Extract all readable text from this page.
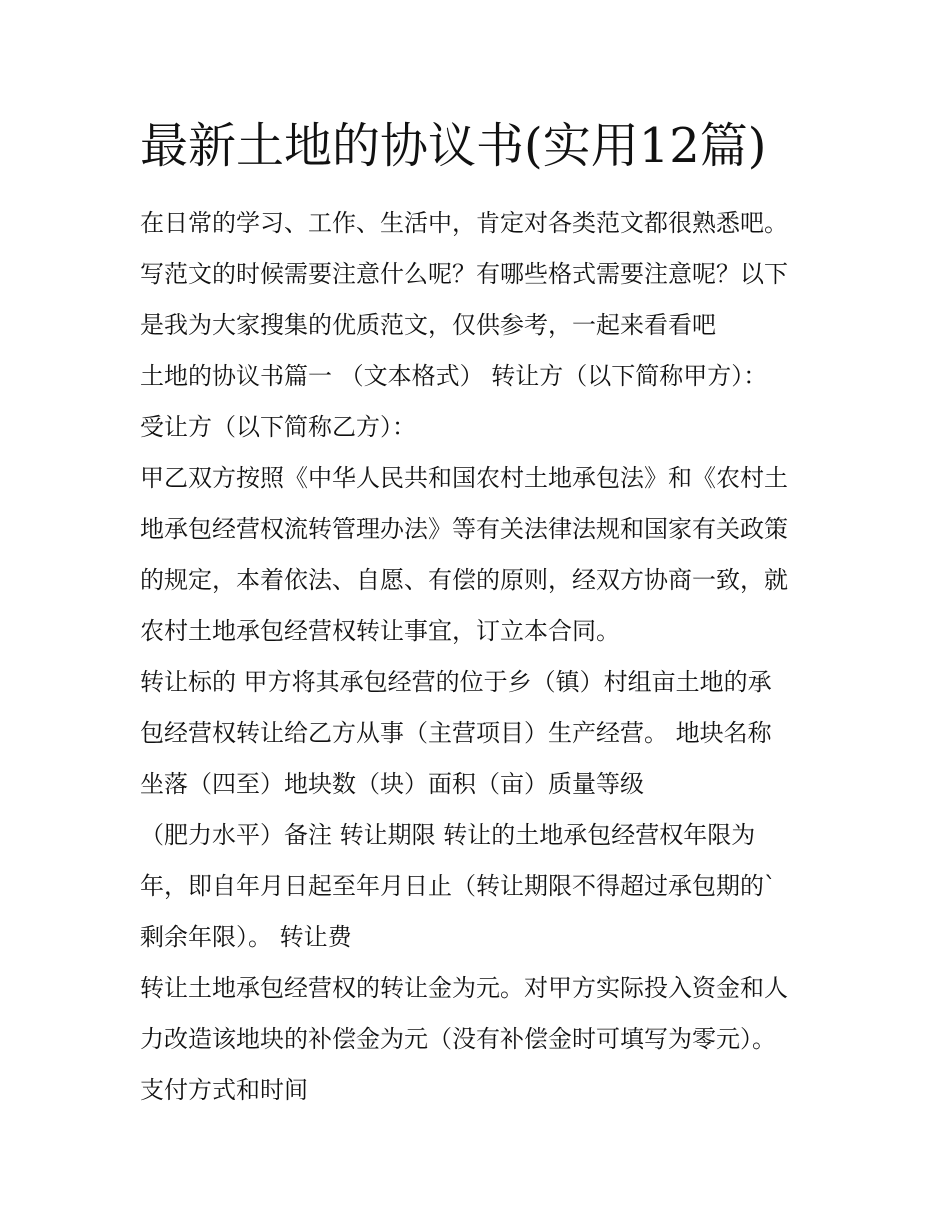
最新土地的协议书(实用12篇)
在日常的学习、工作、生活中，肯定对各类范文都很熟悉吧。
写范文的时候需要注意什么呢？有哪些格式需要注意呢？以下
是我为大家搜集的优质范文，仅供参考，一起来看看吧
土地的协议书篇一 （文本格式） 转让方（以下简称甲方）：
受让方（以下简称乙方）：
甲乙双方按照《中华人民共和国农村土地承包法》和《农村土
地承包经营权流转管理办法》等有关法律法规和国家有关政策
的规定，本着依法、自愿、有偿的原则，经双方协商一致，就
农村土地承包经营权转让事宜，订立本合同。
转让标的 甲方将其承包经营的位于乡（镇）村组亩土地的承
包经营权转让给乙方从事（主营项目）生产经营。 地块名称
坐落（四至）地块数（块）面积（亩）质量等级
（肥力水平）备注 转让期限 转让的土地承包经营权年限为
年，即自年月日起至年月日止（转让期限不得超过承包期的`
剩余年限）。 转让费
转让土地承包经营权的转让金为元。对甲方实际投入资金和人
力改造该地块的补偿金为元（没有补偿金时可填写为零元）。
支付方式和时间
